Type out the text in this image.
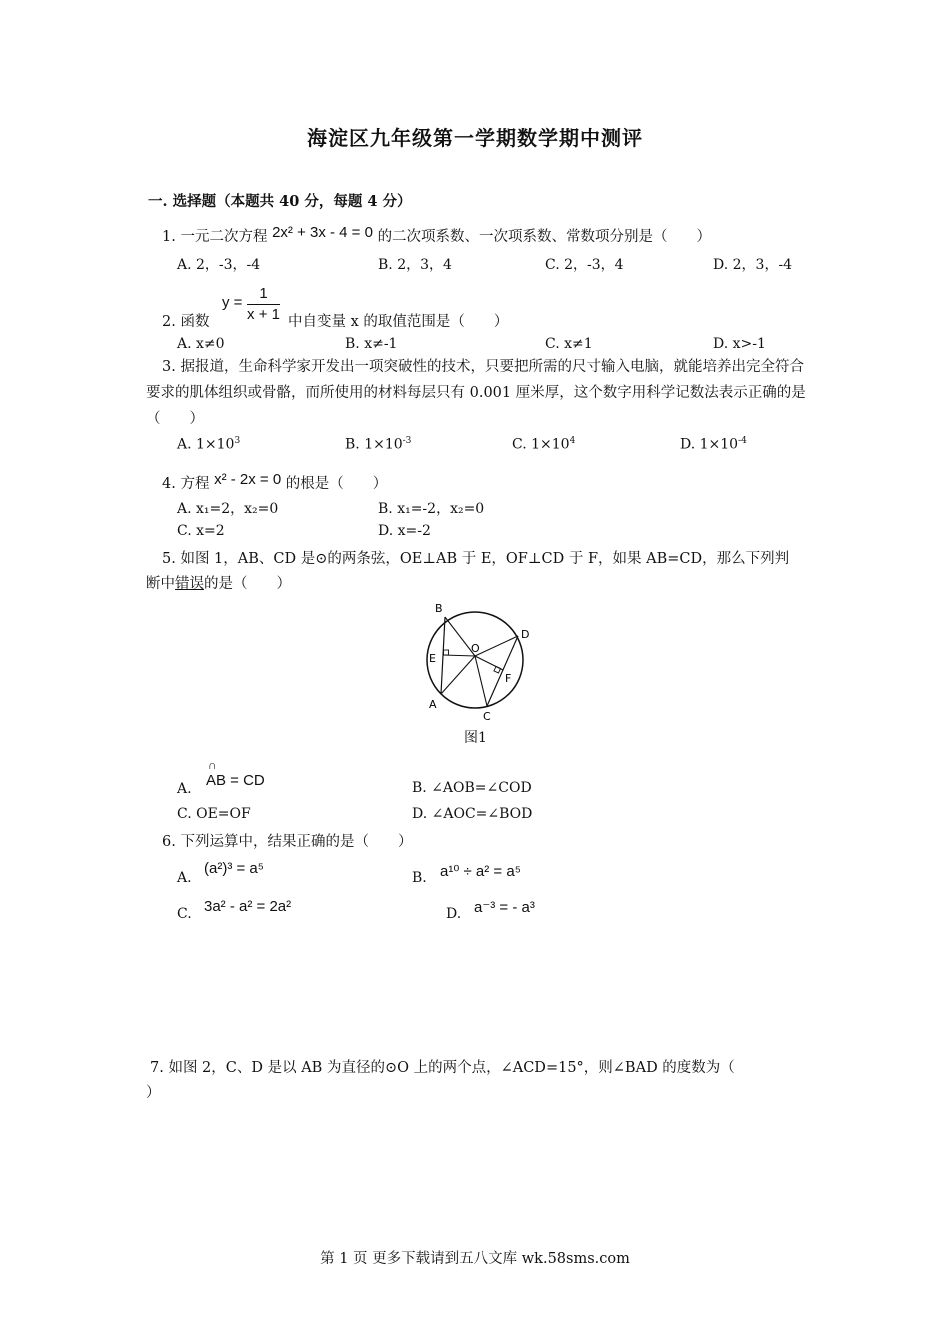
海淀区九年级第一学期数学期中测评
一. 选择题（本题共 40 分，每题 4 分）
1. 一元二次方程 2x² + 3x - 4 = 0 的二次项系数、一次项系数、常数项分别是（　　）
A. 2，-3，-4	B. 2，3，4	C. 2，-3，4	D. 2，3，-4
2. 函数
$y = \frac{1}{x + 1}$ 中自变量 x 的取值范围是（　　）
A. x≠0	B. x≠-1	C. x≠1	D. x>-1
3. 据报道，生命科学家开发出一项突破性的技术，只要把所需的尺寸输入电脑，就能培养出完全符合要求的肌体组织或骨骼，而所使用的材料每层只有 0.001 厘米厚，这个数字用科学记数法表示正确的是（　　）
A. $1\times 10^3$	B. $1\times 10^{-3}$	C. $1\times 10^4$	D. $1\times 10^{-4}$
4. 方程 x² - 2x = 0 的根是（　　）
A. x₁=2，x₂=0	B. x₁=-2，x₂=0
C. x=2	D. x=-2
5. 如图 1，AB、CD 是⊙的两条弦，OE⊥AB 于 E，OF⊥CD 于 F，如果 AB=CD，那么下列判
断中错误的是（　　）
B
D
E
O
F
A
C
图1
A. ∩ AB = CD	B. ∠AOB=∠COD
C. OE=OF	D. ∠AOC=∠BOD
6. 下列运算中，结果正确的是（　　）
A.
(a²)³ = a⁵
B. a¹⁰ ÷ a² = a⁵
C. 3a² - a² = 2a²	D. a⁻³ = - a³
7. 如图 2，C、D 是以 AB 为直径的⊙O 上的两个点，∠ACD=15°，则∠BAD 的度数为（
）
第 1 页 更多下载请到五八文库 wk.58sms.com
